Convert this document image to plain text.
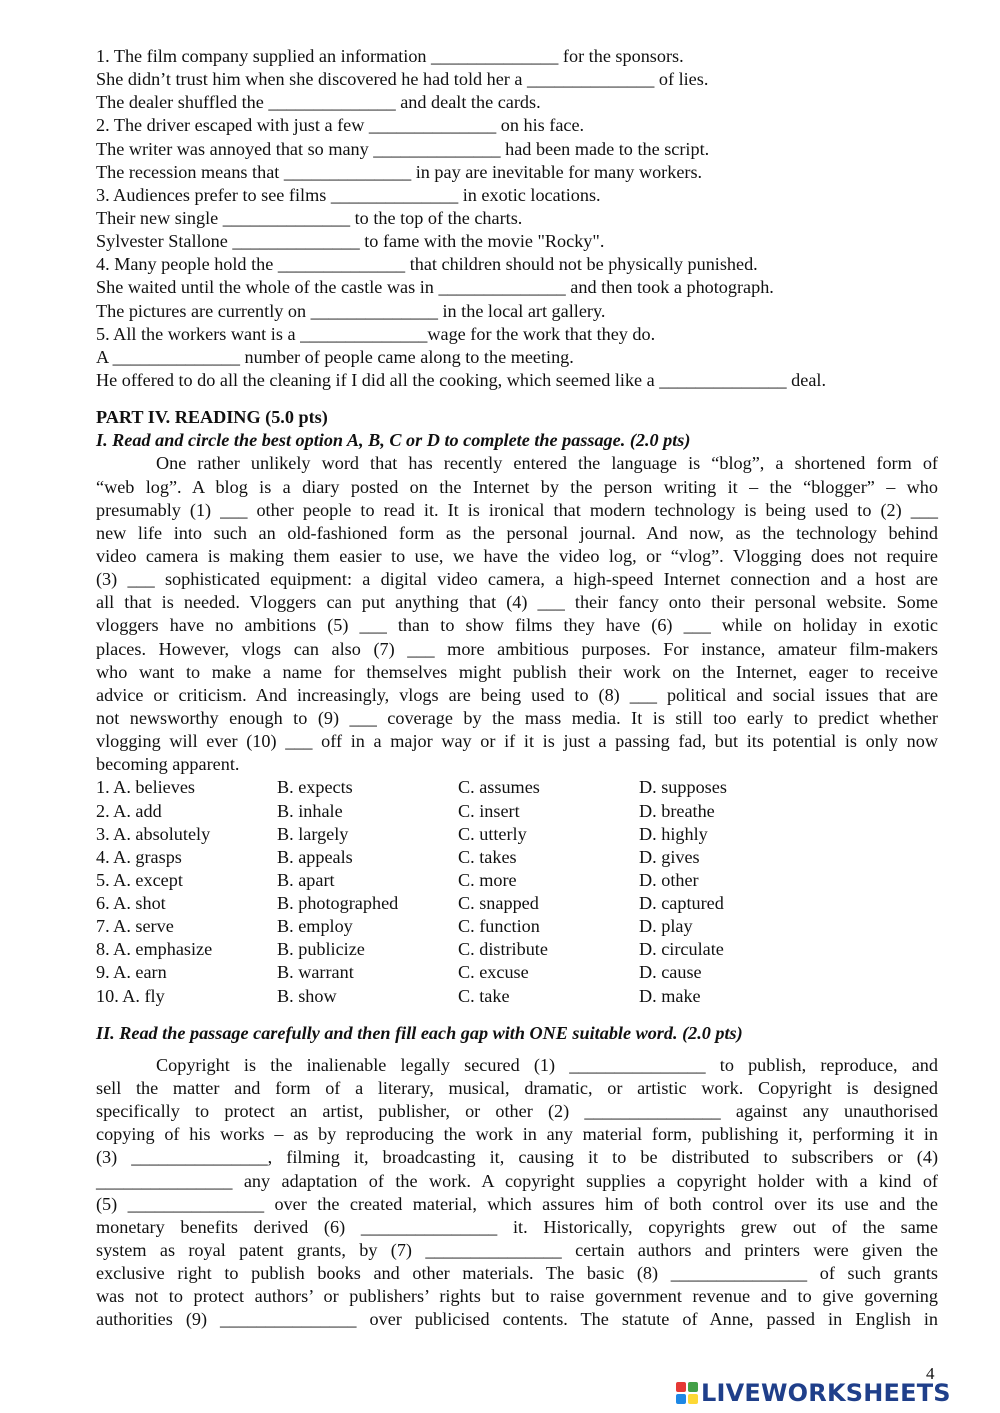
1. The film company supplied an information ______________ for the sponsors.
She didn’t trust him when she discovered he had told her a ______________ of lies.
The dealer shuffled the ______________ and dealt the cards.
2. The driver escaped with just a few ______________ on his face.
The writer was annoyed that so many ______________ had been made to the script.
The recession means that ______________ in pay are inevitable for many workers.
3. Audiences prefer to see films ______________ in exotic locations.
Their new single ______________ to the top of the charts.
Sylvester Stallone ______________ to fame with the movie "Rocky".
4. Many people hold the ______________ that children should not be physically punished.
She waited until the whole of the castle was in ______________ and then took a photograph.
The pictures are currently on ______________ in the local art gallery.
5. All the workers want is a ______________wage for the work that they do.
A ______________ number of people came along to the meeting.
He offered to do all the cleaning if I did all the cooking, which seemed like a ______________ deal.
PART IV. READING (5.0 pts)
I. Read and circle the best option A, B, C or D to complete the passage. (2.0 pts)
One rather unlikely word that has recently entered the language is “blog”, a shortened form of
“web log”. A blog is a diary posted on the Internet by the person writing it – the “blogger” – who
presumably (1) ___ other people to read it. It is ironical that modern technology is being used to (2) ___
new life into such an old-fashioned form as the personal journal. And now, as the technology behind
video camera is making them easier to use, we have the video log, or “vlog”. Vlogging does not require
(3) ___ sophisticated equipment: a digital video camera, a high-speed Internet connection and a host are
all that is needed. Vloggers can put anything that (4) ___ their fancy onto their personal website. Some
vloggers have no ambitions (5) ___ than to show films they have (6) ___ while on holiday in exotic
places. However, vlogs can also (7) ___ more ambitious purposes. For instance, amateur film-makers
who want to make a name for themselves might publish their work on the Internet, eager to receive
advice or criticism. And increasingly, vlogs are being used to (8) ___ political and social issues that are
not newsworthy enough to (9) ___ coverage by the mass media. It is still too early to predict whether
vlogging will ever (10) ___ off in a major way or if it is just a passing fad, but its potential is only now
becoming apparent.
1. A. believes	B. expects	C. assumes	D. supposes
2. A. add	B. inhale	C. insert	D. breathe
3. A. absolutely	B. largely	C. utterly	D. highly
4. A. grasps	B. appeals	C. takes	D. gives
5. A. except	B. apart	C. more	D. other
6. A. shot	B. photographed	C. snapped	D. captured
7. A. serve	B. employ	C. function	D. play
8. A. emphasize	B. publicize	C. distribute	D. circulate
9. A. earn	B. warrant	C. excuse	D. cause
10. A. fly	B. show	C. take	D. make
II. Read the passage carefully and then fill each gap with ONE suitable word. (2.0 pts)
Copyright is the inalienable legally secured (1) _______________ to publish, reproduce, and
sell the matter and form of a literary, musical, dramatic, or artistic work. Copyright is designed
specifically to protect an artist, publisher, or other (2) _______________ against any unauthorised
copying of his works – as by reproducing the work in any material form, publishing it, performing it in
(3) _______________, filming it, broadcasting it, causing it to be distributed to subscribers or (4)
_______________ any adaptation of the work. A copyright supplies a copyright holder with a kind of
(5) _______________ over the created material, which assures him of both control over its use and the
monetary benefits derived (6) _______________ it. Historically, copyrights grew out of the same
system as royal patent grants, by (7) _______________ certain authors and printers were given the
exclusive right to publish books and other materials. The basic (8) _______________ of such grants
was not to protect authors’ or publishers’ rights but to raise government revenue and to give governing
authorities (9) _______________ over publicised contents. The statute of Anne, passed in English in
4
LIVEWORKSHEETS
